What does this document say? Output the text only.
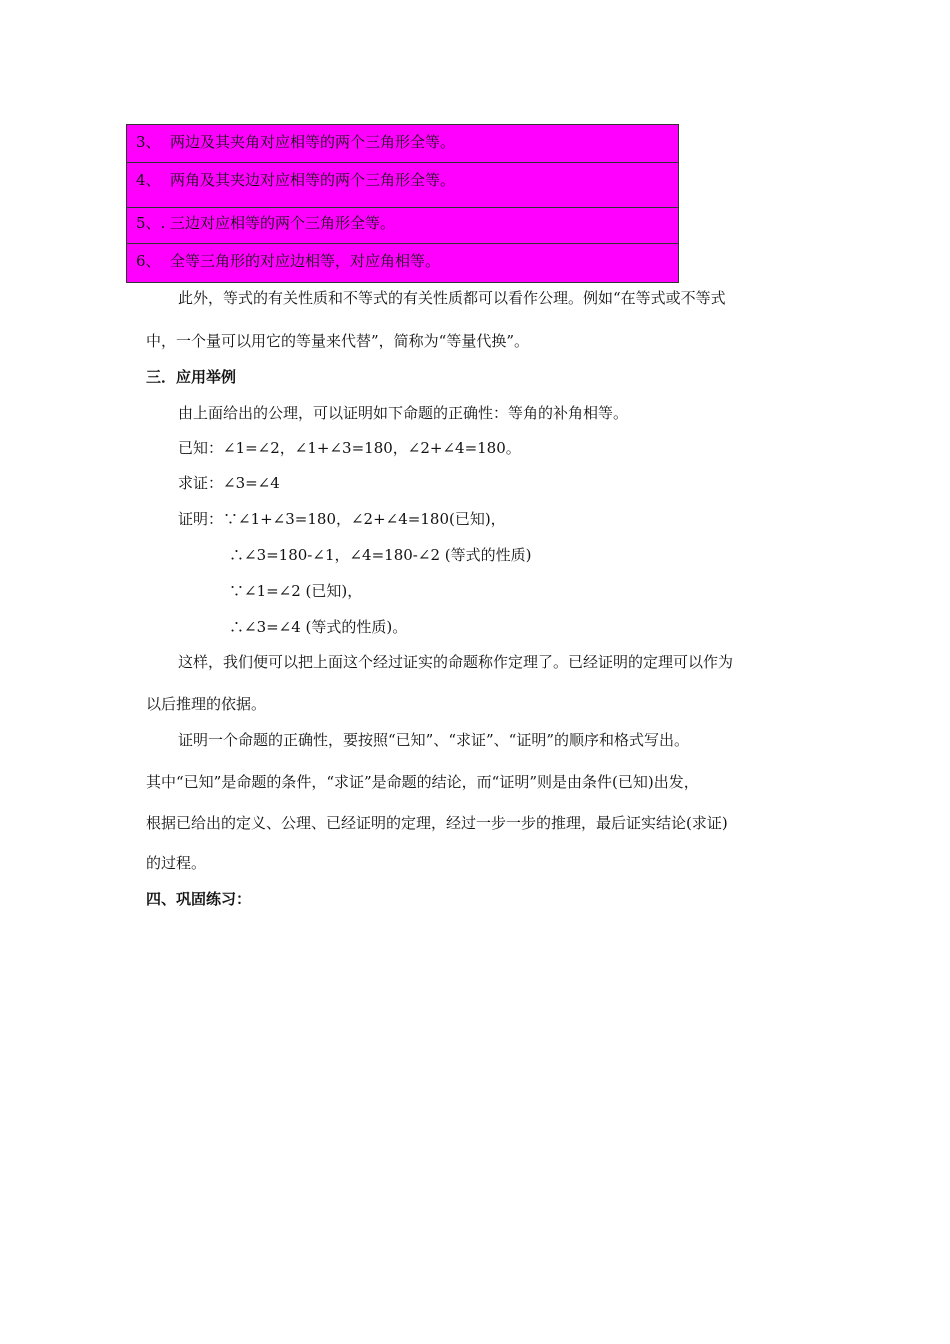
3、 两边及其夹角对应相等的两个三角形全等。
4、 两角及其夹边对应相等的两个三角形全等。
5、. 三边对应相等的两个三角形全等。
6、 全等三角形的对应边相等，对应角相等。
此外，等式的有关性质和不等式的有关性质都可以看作公理。例如“在等式或不等式
中，一个量可以用它的等量来代替”，简称为“等量代换”。
三．应用举例
由上面给出的公理，可以证明如下命题的正确性：等角的补角相等。
已知：∠1=∠2，∠1+∠3=180，∠2+∠4=180。
求证：∠3=∠4
证明：∵∠1+∠3=180，∠2+∠4=180(已知)，
∴∠3=180-∠1，∠4=180-∠2 (等式的性质)
∵∠1=∠2 (已知)，
∴∠3=∠4 (等式的性质)。
这样，我们便可以把上面这个经过证实的命题称作定理了。已经证明的定理可以作为
以后推理的依据。
证明一个命题的正确性，要按照“已知”、“求证”、“证明”的顺序和格式写出。
其中“已知”是命题的条件，“求证”是命题的结论，而“证明”则是由条件(已知)出发，
根据已给出的定义、公理、已经证明的定理，经过一步一步的推理，最后证实结论(求证)
的过程。
四、巩固练习：
